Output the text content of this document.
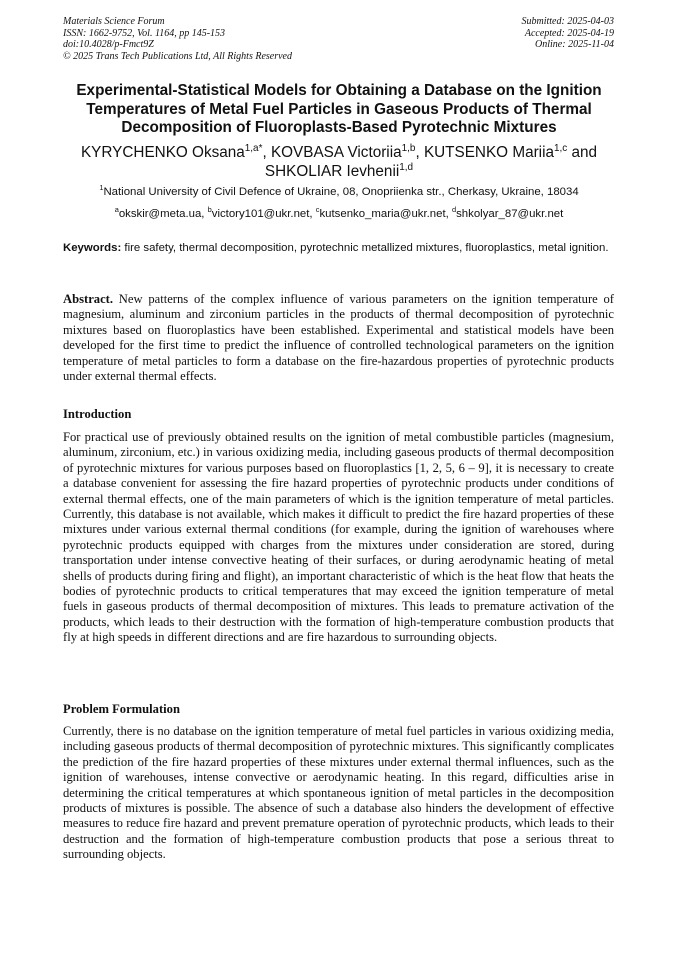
Materials Science Forum
ISSN: 1662-9752, Vol. 1164, pp 145-153
doi:10.4028/p-Fmct9Z
© 2025 Trans Tech Publications Ltd, All Rights Reserved
Submitted: 2025-04-03
Accepted: 2025-04-19
Online: 2025-11-04
Experimental-Statistical Models for Obtaining a Database on the Ignition Temperatures of Metal Fuel Particles in Gaseous Products of Thermal Decomposition of Fluoroplasts-Based Pyrotechnic Mixtures
KYRYCHENKO Oksana$^{1,a*}$, KOVBASA Victoriia$^{1,b}$, KUTSENKO Mariia$^{1,c}$ and SHKOLIAR Ievhenii$^{1,d}$
$^1$National University of Civil Defence of Ukraine, 08, Onopriienka str., Cherkasy, Ukraine, 18034
$^a$okskir@meta.ua, $^b$victory101@ukr.net, $^c$kutsenko_maria@ukr.net, $^d$shkolyar_87@ukr.net
Keywords: fire safety, thermal decomposition, pyrotechnic metallized mixtures, fluoroplastics, metal ignition.
Abstract. New patterns of the complex influence of various parameters on the ignition temperature of magnesium, aluminum and zirconium particles in the products of thermal decomposition of pyrotechnic mixtures based on fluoroplastics have been established. Experimental and statistical models have been developed for the first time to predict the influence of controlled technological parameters on the ignition temperature of metal particles to form a database on the fire-hazardous properties of pyrotechnic products under external thermal effects.
Introduction
For practical use of previously obtained results on the ignition of metal combustible particles (magnesium, aluminum, zirconium, etc.) in various oxidizing media, including gaseous products of thermal decomposition of pyrotechnic mixtures for various purposes based on fluoroplastics [1, 2, 5, 6 – 9], it is necessary to create a database convenient for assessing the fire hazard properties of pyrotechnic products under conditions of external thermal effects, one of the main parameters of which is the ignition temperature of metal particles. Currently, this database is not available, which makes it difficult to predict the fire hazard properties of these mixtures under various external thermal conditions (for example, during the ignition of warehouses where pyrotechnic products equipped with charges from the mixtures under consideration are stored, during transportation under intense convective heating of their surfaces, or during aerodynamic heating of metal shells of products during firing and flight), an important characteristic of which is the heat flow that heats the bodies of pyrotechnic products to critical temperatures that may exceed the ignition temperature of metal fuels in gaseous products of thermal decomposition of mixtures. This leads to premature activation of the products, which leads to their destruction with the formation of high-temperature combustion products that fly at high speeds in different directions and are fire hazardous to surrounding objects.
Problem Formulation
Currently, there is no database on the ignition temperature of metal fuel particles in various oxidizing media, including gaseous products of thermal decomposition of pyrotechnic mixtures. This significantly complicates the prediction of the fire hazard properties of these mixtures under external thermal influences, such as the ignition of warehouses, intense convective or aerodynamic heating. In this regard, difficulties arise in determining the critical temperatures at which spontaneous ignition of metal particles in the decomposition products of mixtures is possible. The absence of such a database also hinders the development of effective measures to reduce fire hazard and prevent premature operation of pyrotechnic products, which leads to their destruction and the formation of high-temperature combustion products that pose a serious threat to surrounding objects.
